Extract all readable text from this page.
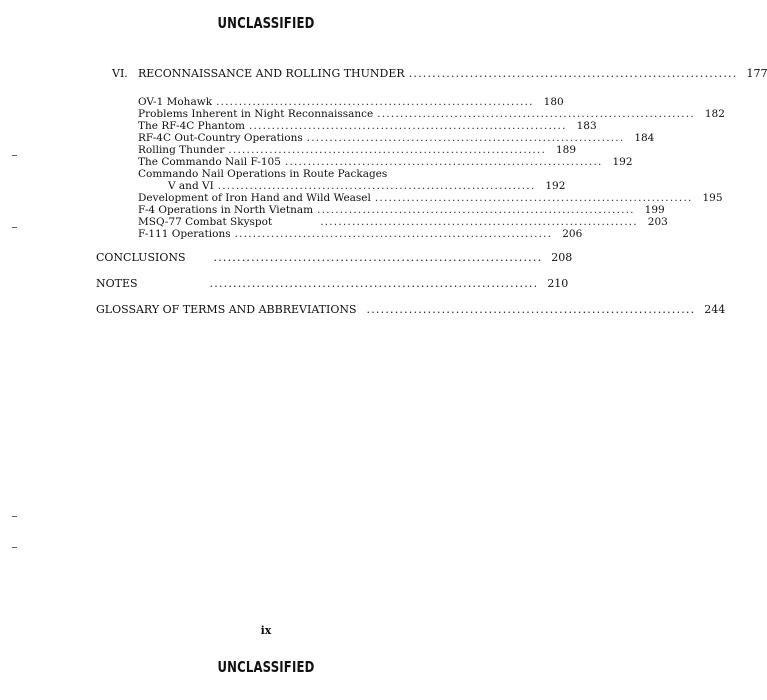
UNCLASSIFIED
VI. RECONNAISSANCE AND ROLLING THUNDER ...................................................................... 177
OV-1 Mohawk ...................................................................... 180
Problems Inherent in Night Reconnaissance ...................................................................... 182
The RF-4C Phantom ...................................................................... 183
RF-4C Out-Country Operations ...................................................................... 184
Rolling Thunder ...................................................................... 189
The Commando Nail F-105 ...................................................................... 192
Commando Nail Operations in Route Packages
V and VI ...................................................................... 192
Development of Iron Hand and Wild Weasel ...................................................................... 195
F-4 Operations in North Vietnam ...................................................................... 199
MSQ-77 Combat Skyspot	...................................................................... 203
F-111 Operations ...................................................................... 206
CONCLUSIONS	...................................................................... 208
NOTES	...................................................................... 210
GLOSSARY OF TERMS AND ABBREVIATIONS ...................................................................... 244
ix
UNCLASSIFIED
